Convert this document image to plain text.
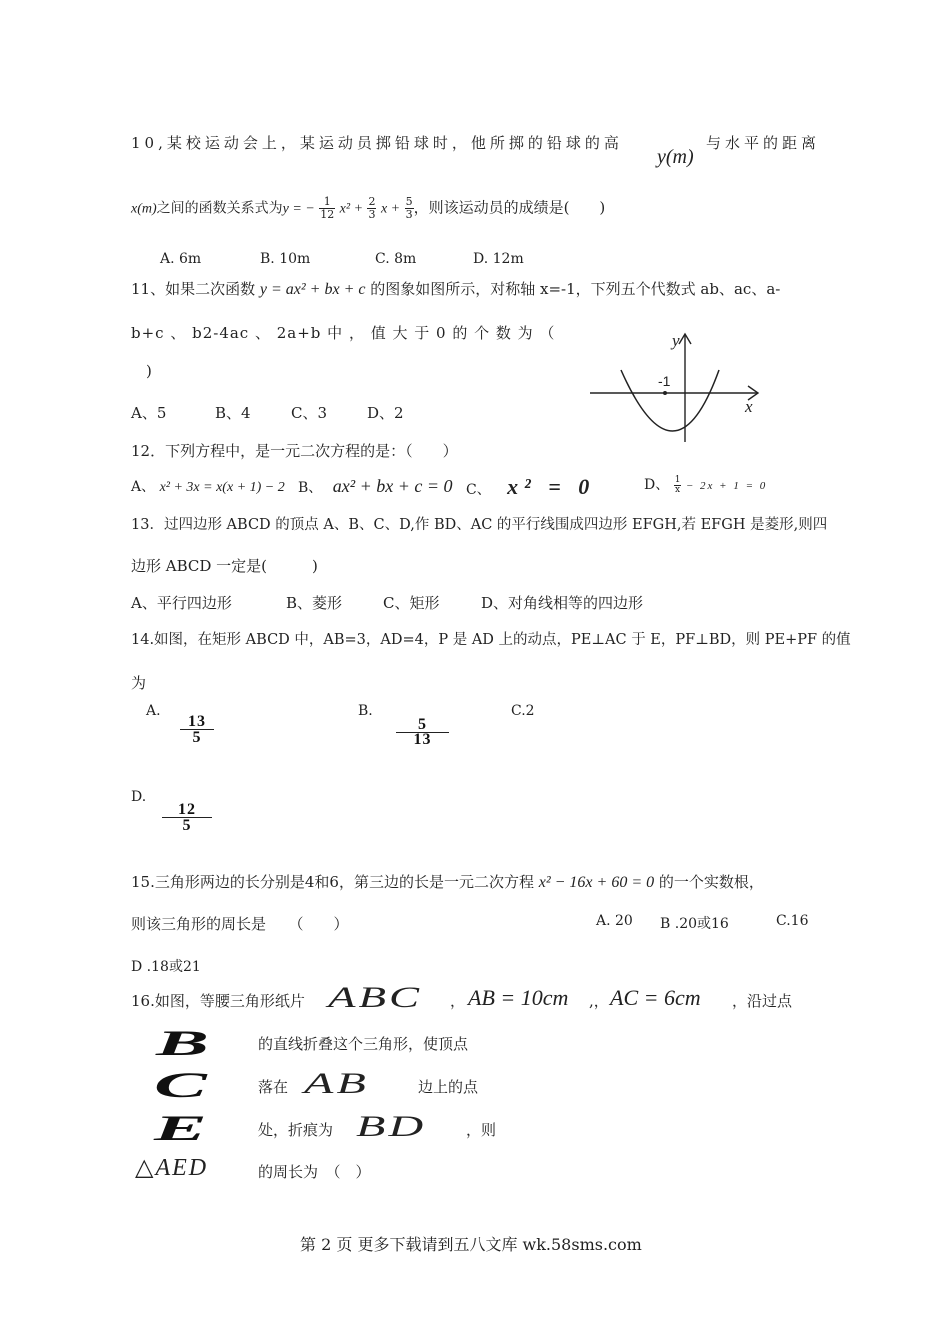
10,某校运动会上，某运动员掷铅球时，他所掷的铅球的高
y(m)
与水平的距离
x(m)之间的函数关系式为y = − $\frac{1}{12} x^2 + \frac{2}{3}$ $x + \frac{5}{3}$ ，则该运动员的成绩是(　　)
A. 6m	B. 10m	C. 8m	D. 12m
11、如果二次函数 y = ax² + bx + c 的图象如图所示，对称轴 x=-1，下列五个代数式 ab、ac、a-
b+c 、 b2-4ac 、 2a+b 中 ， 值 大 于 0 的 个 数 为 （
)
A、5	B、4	C、3	D、2
-1
y
x
12．下列方程中，是一元二次方程的是：（　　）
A、 x² + 3x = x(x + 1) − 2 B、 ax² + bx + c = 0 C、 x² = 0	D、 $\frac{1}{x} - 2x + 1 = 0$
13．过四边形 ABCD 的顶点 A、B、C、D,作 BD、AC 的平行线围成四边形 EFGH,若 EFGH 是菱形,则四
边形 ABCD 一定是(　　　)
A、平行四边形	B、菱形	C、矩形	D、对角线相等的四边形
14.如图，在矩形 ABCD 中，AB=3，AD=4，P 是 AD 上的动点，PE⊥AC 于 E，PF⊥BD，则 PE+PF 的值
为
A.
$\frac{13}{5}$
B.
$\frac{5}{13}$
C.2
D.
$\frac{12}{5}$
15.三角形两边的长分别是4和6，第三边的长是一元二次方程 x² − 16x + 60 = 0 的一个实数根，
则该三角形的周长是　　（　　）	A. 20 B .20或16	C.16
D .18或21
16.如图，等腰三角形纸片 ABC ， AB = 10cm ,， AC = 6cm ，沿过点
B	的直线折叠这个三角形，使顶点
C	落在 AB	边上的点
E	处，折痕为 BD	，则
△AED	的周长为　（　）
第 2 页 更多下载请到五八文库 wk.58sms.com
